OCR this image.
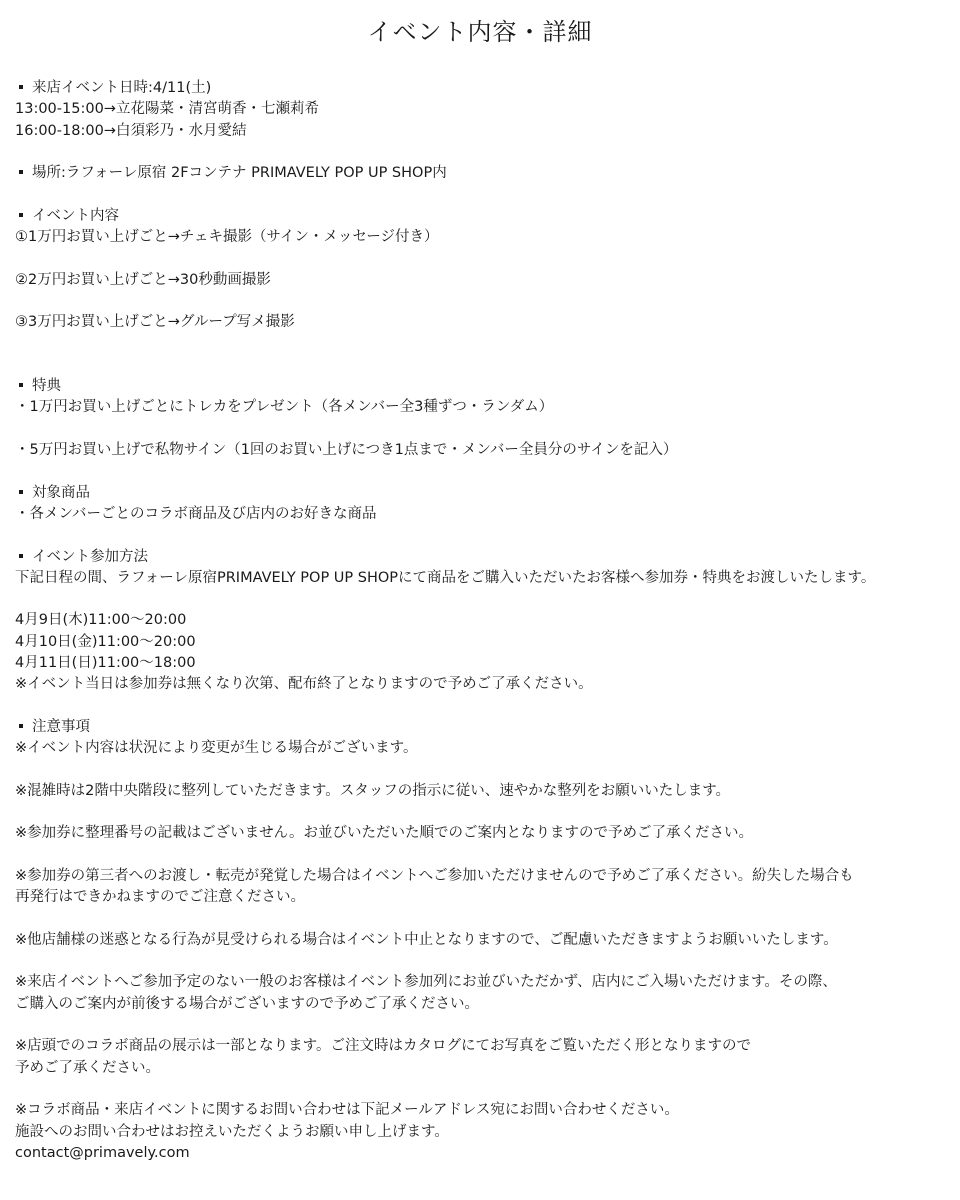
イベント内容・詳細
来店イベント日時:4/11(土)
13:00-15:00→立花陽菜・清宮萌香・七瀬莉希
16:00-18:00→白須彩乃・水月愛結
場所:ラフォーレ原宿 2Fコンテナ PRIMAVELY POP UP SHOP内
イベント内容
①1万円お買い上げごと→チェキ撮影（サイン・メッセージ付き）
②2万円お買い上げごと→30秒動画撮影
③3万円お買い上げごと→グループ写メ撮影
特典
・1万円お買い上げごとにトレカをプレゼント（各メンバー全3種ずつ・ランダム）
・5万円お買い上げで私物サイン（1回のお買い上げにつき1点まで・メンバー全員分のサインを記入）
対象商品
・各メンバーごとのコラボ商品及び店内のお好きな商品
イベント参加方法
下記日程の間、ラフォーレ原宿PRIMAVELY POP UP SHOPにて商品をご購入いただいたお客様へ参加券・特典をお渡しいたします。
4月9日(木)11:00〜20:00
4月10日(金)11:00〜20:00
4月11日(日)11:00〜18:00
※イベント当日は参加券は無くなり次第、配布終了となりますので予めご了承ください。
注意事項
※イベント内容は状況により変更が生じる場合がございます。
※混雑時は2階中央階段に整列していただきます。スタッフの指示に従い、速やかな整列をお願いいたします。
※参加券に整理番号の記載はございません。お並びいただいた順でのご案内となりますので予めご了承ください。
※参加券の第三者へのお渡し・転売が発覚した場合はイベントへご参加いただけませんので予めご了承ください。紛失した場合も
再発行はできかねますのでご注意ください。
※他店舗様の迷惑となる行為が見受けられる場合はイベント中止となりますので、ご配慮いただきますようお願いいたします。
※来店イベントへご参加予定のない一般のお客様はイベント参加列にお並びいただかず、店内にご入場いただけます。その際、
ご購入のご案内が前後する場合がございますので予めご了承ください。
※店頭でのコラボ商品の展示は一部となります。ご注文時はカタログにてお写真をご覧いただく形となりますので
予めご了承ください。
※コラボ商品・来店イベントに関するお問い合わせは下記メールアドレス宛にお問い合わせください。
施設へのお問い合わせはお控えいただくようお願い申し上げます。
contact@primavely.com
